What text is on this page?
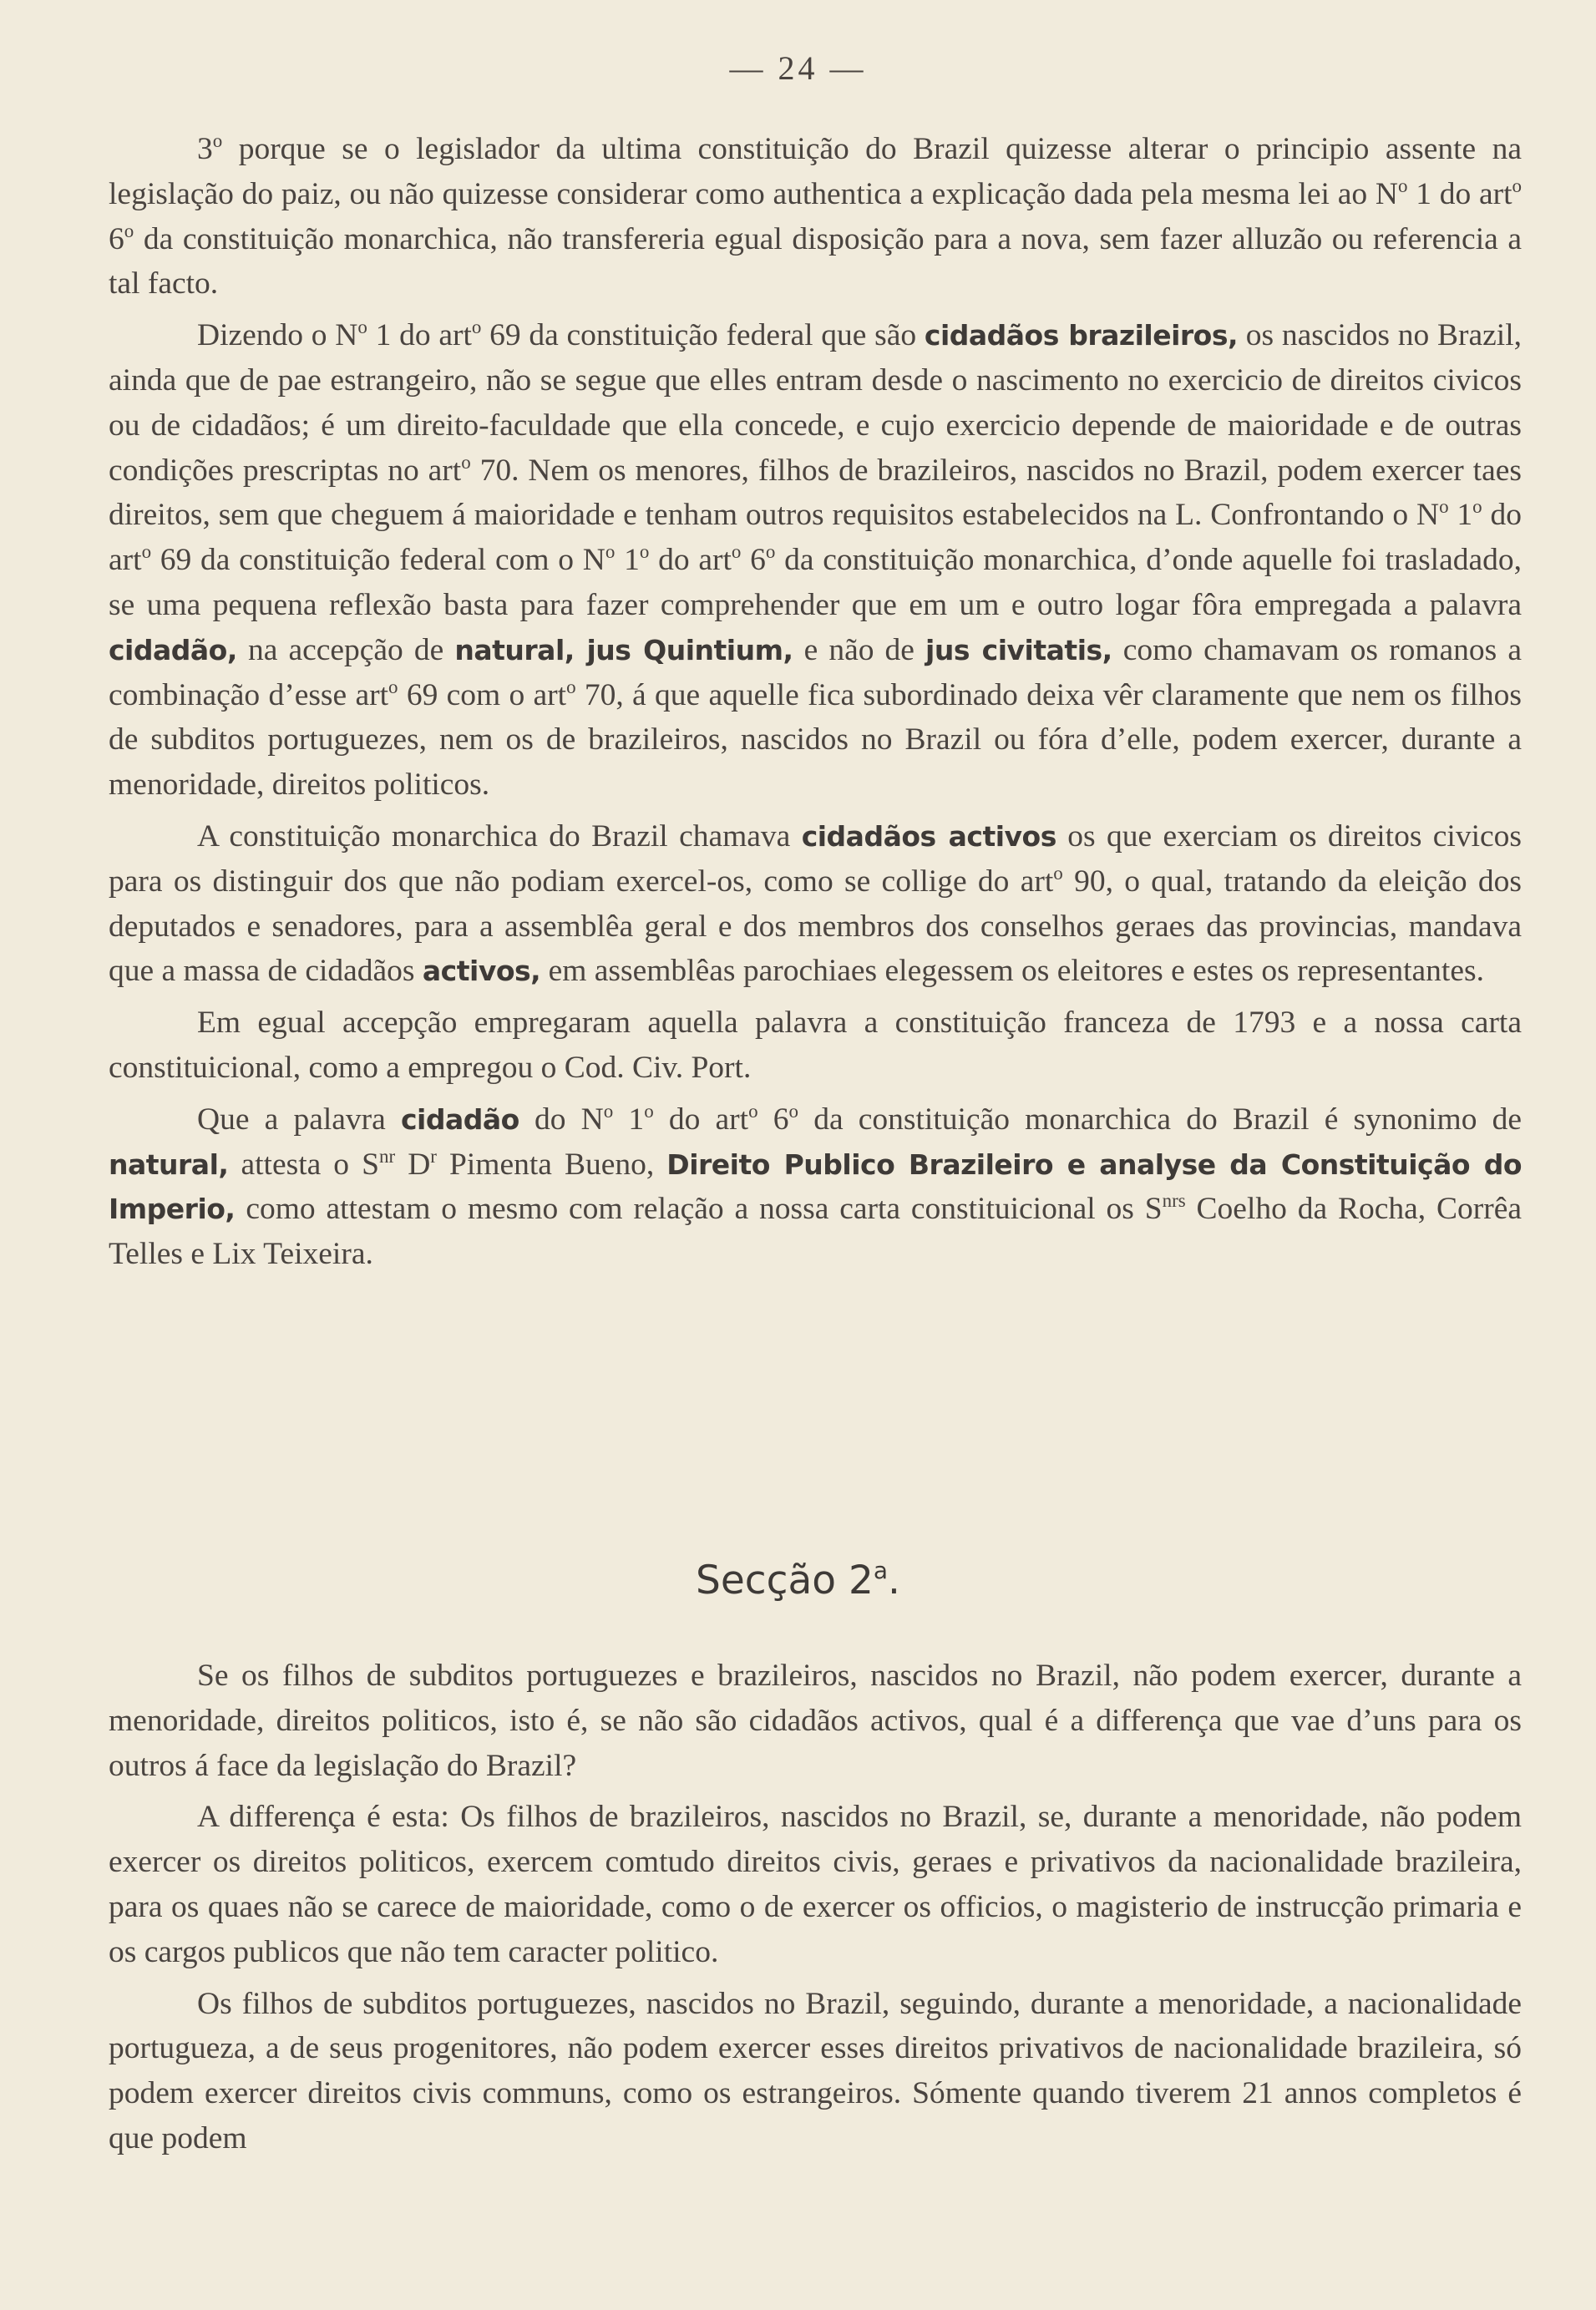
— 24 —

3$^o$ porque se o legislador da ultima constituição do Brazil quizesse alterar o principio assente na legislação do paiz, ou não quizesse considerar como authentica a explicação dada pela mesma lei ao $N^o$ 1 do art$^o$ 6$^o$ da constituição monarchica, não transfereria egual disposição para a nova, sem fazer alluzão ou referencia a tal facto.

Dizendo o $N^o$ 1 do art$^o$ 69 da constituição federal que são cidadãos brazileiros, os nascidos no Brazil, ainda que de pae estrangeiro, não se segue que elles entram desde o nascimento no exercicio de direitos civicos ou de cidadãos; é um direito-faculdade que ella concede, e cujo exercicio depende de maioridade e de outras condições prescriptas no art$^o$ 70. Nem os menores, filhos de brazileiros, nascidos no Brazil, podem exercer taes direitos, sem que cheguem á maioridade e tenham outros requisitos estabelecidos na L. Confrontando o $N^o$ 1$^o$ do art$^o$ 69 da constituição federal com o $N^o$ 1$^o$ do art$^o$ 6$^o$ da constituição monarchica, d’onde aquelle foi trasladado, se uma pequena reflexão basta para fazer comprehender que em um e outro logar fôra empregada a palavra cidadão, na accepção de natural, jus Quintium, e não de jus civitatis, como chamavam os romanos a combinação d’esse art$^o$ 69 com o art$^o$ 70, á que aquelle fica subordinado deixa vêr claramente que nem os filhos de subditos portuguezes, nem os de brazileiros, nascidos no Brazil ou fóra d’elle, podem exercer, durante a menoridade, direitos politicos.

A constituição monarchica do Brazil chamava cidadãos activos os que exerciam os direitos civicos para os distinguir dos que não podiam exercel-os, como se collige do art$^o$ 90, o qual, tratando da eleição dos deputados e senadores, para a assemblêa geral e dos membros dos conselhos geraes das provincias, mandava que a massa de cidadãos activos, em assemblêas parochiaes elegessem os eleitores e estes os representantes.

Em egual accepção empregaram aquella palavra a constituição franceza de 1793 e a nossa carta constituicional, como a empregou o Cod. Civ. Port.

Que a palavra cidadão do $N^o$ 1$^o$ do art$^o$ 6$^o$ da constituição monarchica do Brazil é synonimo de natural, attesta o $S^{nr}$ $D^r$ Pimenta Bueno, Direito Publico Brazileiro e analyse da Constituição do Imperio, como attestam o mesmo com relação a nossa carta constituicional os $S^{nrs}$ Coelho da Rocha, Corrêa Telles e Lix Teixeira.

Secção 2$^a$.

Se os filhos de subditos portuguezes e brazileiros, nascidos no Brazil, não podem exercer, durante a menoridade, direitos politicos, isto é, se não são cidadãos activos, qual é a differença que vae d’uns para os outros á face da legislação do Brazil?

A differença é esta: Os filhos de brazileiros, nascidos no Brazil, se, durante a menoridade, não podem exercer os direitos politicos, exercem comtudo direitos civis, geraes e privativos da nacionalidade brazileira, para os quaes não se carece de maioridade, como o de exercer os officios, o magisterio de instrucção primaria e os cargos publicos que não tem caracter politico.

Os filhos de subditos portuguezes, nascidos no Brazil, seguindo, durante a menoridade, a nacionalidade portugueza, a de seus progenitores, não podem exercer esses direitos privativos de nacionalidade brazileira, só podem exercer direitos civis communs, como os estrangeiros. Sómente quando tiverem 21 annos completos é que podem
